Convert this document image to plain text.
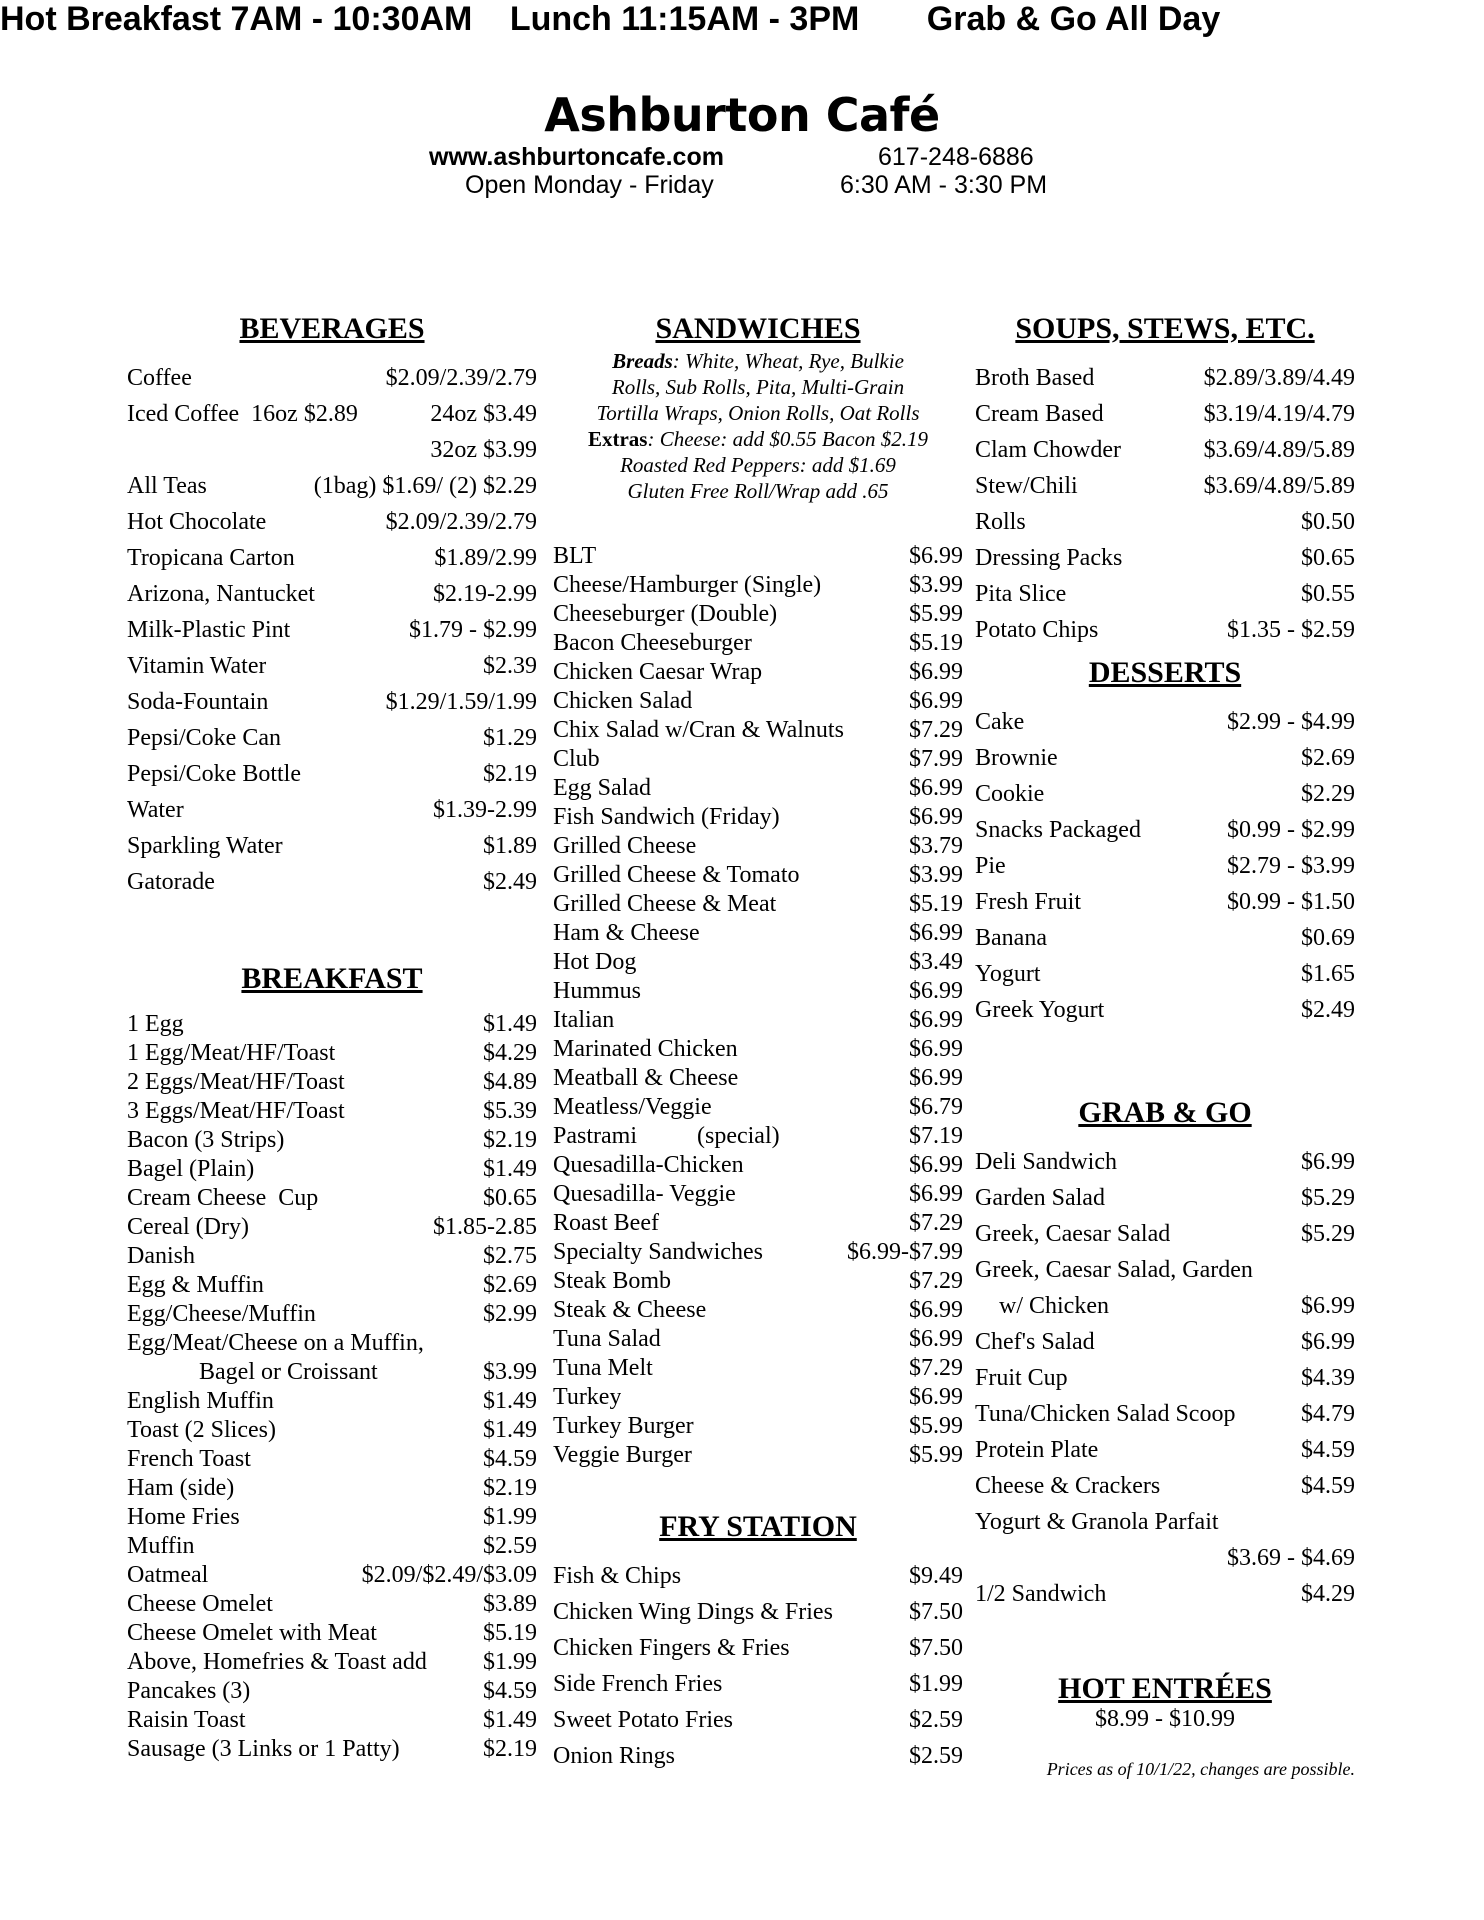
Ashburton Café
www.ashburtoncafe.com	617-248-6886
Open Monday - Friday	6:30 AM - 3:30 PM
Hot Breakfast 7AM - 10:30AM Lunch 11:15AM - 3PM Grab & Go All Day
BEVERAGES
Coffee	$2.09/2.39/2.79
Iced Coffee  16oz $2.89	24oz $3.49
32oz $3.99
All Teas	(1bag) $1.69/ (2) $2.29
Hot Chocolate	$2.09/2.39/2.79
Tropicana Carton	$1.89/2.99
Arizona, Nantucket	$2.19-2.99
Milk-Plastic Pint	$1.79 - $2.99
Vitamin Water	$2.39
Soda-Fountain	$1.29/1.59/1.99
Pepsi/Coke Can	$1.29
Pepsi/Coke Bottle	$2.19
Water	$1.39-2.99
Sparkling Water	$1.89
Gatorade	$2.49
BREAKFAST
1 Egg	$1.49
1 Egg/Meat/HF/Toast	$4.29
2 Eggs/Meat/HF/Toast	$4.89
3 Eggs/Meat/HF/Toast	$5.39
Bacon (3 Strips)	$2.19
Bagel (Plain)	$1.49
Cream Cheese  Cup	$0.65
Cereal (Dry)	$1.85-2.85
Danish	$2.75
Egg & Muffin	$2.69
Egg/Cheese/Muffin	$2.99
Egg/Meat/Cheese on a Muffin,
Bagel or Croissant	$3.99
English Muffin	$1.49
Toast (2 Slices)	$1.49
French Toast	$4.59
Ham (side)	$2.19
Home Fries	$1.99
Muffin	$2.59
Oatmeal	$2.09/$2.49/$3.09
Cheese Omelet	$3.89
Cheese Omelet with Meat	$5.19
Above, Homefries & Toast add $1.99
Pancakes (3)	$4.59
Raisin Toast	$1.49
Sausage (3 Links or 1 Patty)	$2.19
SANDWICHES
Breads: White, Wheat, Rye, Bulkie
Rolls, Sub Rolls, Pita, Multi-Grain
Tortilla Wraps, Onion Rolls, Oat Rolls
Extras: Cheese: add $0.55 Bacon $2.19
Roasted Red Peppers: add $1.69
Gluten Free Roll/Wrap add .65
BLT	$6.99
Cheese/Hamburger (Single)	$3.99
Cheeseburger (Double)	$5.99
Bacon Cheeseburger	$5.19
Chicken Caesar Wrap	$6.99
Chicken Salad	$6.99
Chix Salad w/Cran & Walnuts	$7.29
Club	$7.99
Egg Salad	$6.99
Fish Sandwich (Friday)	$6.99
Grilled Cheese	$3.79
Grilled Cheese & Tomato	$3.99
Grilled Cheese & Meat	$5.19
Ham & Cheese	$6.99
Hot Dog	$3.49
Hummus	$6.99
Italian	$6.99
Marinated Chicken	$6.99
Meatball & Cheese	$6.99
Meatless/Veggie	$6.79
Pastrami          (special)	$7.19
Quesadilla-Chicken	$6.99
Quesadilla- Veggie	$6.99
Roast Beef	$7.29
Specialty Sandwiches	$6.99-$7.99
Steak Bomb	$7.29
Steak & Cheese	$6.99
Tuna Salad	$6.99
Tuna Melt	$7.29
Turkey	$6.99
Turkey Burger	$5.99
Veggie Burger	$5.99
FRY STATION
Fish & Chips	$9.49
Chicken Wing Dings & Fries	$7.50
Chicken Fingers & Fries	$7.50
Side French Fries	$1.99
Sweet Potato Fries	$2.59
Onion Rings	$2.59
SOUPS, STEWS, ETC.
Broth Based	$2.89/3.89/4.49
Cream Based	$3.19/4.19/4.79
Clam Chowder	$3.69/4.89/5.89
Stew/Chili	$3.69/4.89/5.89
Rolls	$0.50
Dressing Packs	$0.65
Pita Slice	$0.55
Potato Chips	$1.35 - $2.59
DESSERTS
Cake	$2.99 - $4.99
Brownie	$2.69
Cookie	$2.29
Snacks Packaged	$0.99 - $2.99
Pie	$2.79 - $3.99
Fresh Fruit	$0.99 - $1.50
Banana	$0.69
Yogurt	$1.65
Greek Yogurt	$2.49
GRAB & GO
Deli Sandwich	$6.99
Garden Salad	$5.29
Greek, Caesar Salad	$5.29
Greek, Caesar Salad, Garden
w/ Chicken	$6.99
Chef's Salad	$6.99
Fruit Cup	$4.39
Tuna/Chicken Salad Scoop	$4.79
Protein Plate	$4.59
Cheese & Crackers	$4.59
Yogurt & Granola Parfait
$3.69 - $4.69
1/2 Sandwich	$4.29
HOT ENTRÉES
$8.99 - $10.99
Prices as of 10/1/22, changes are possible.
